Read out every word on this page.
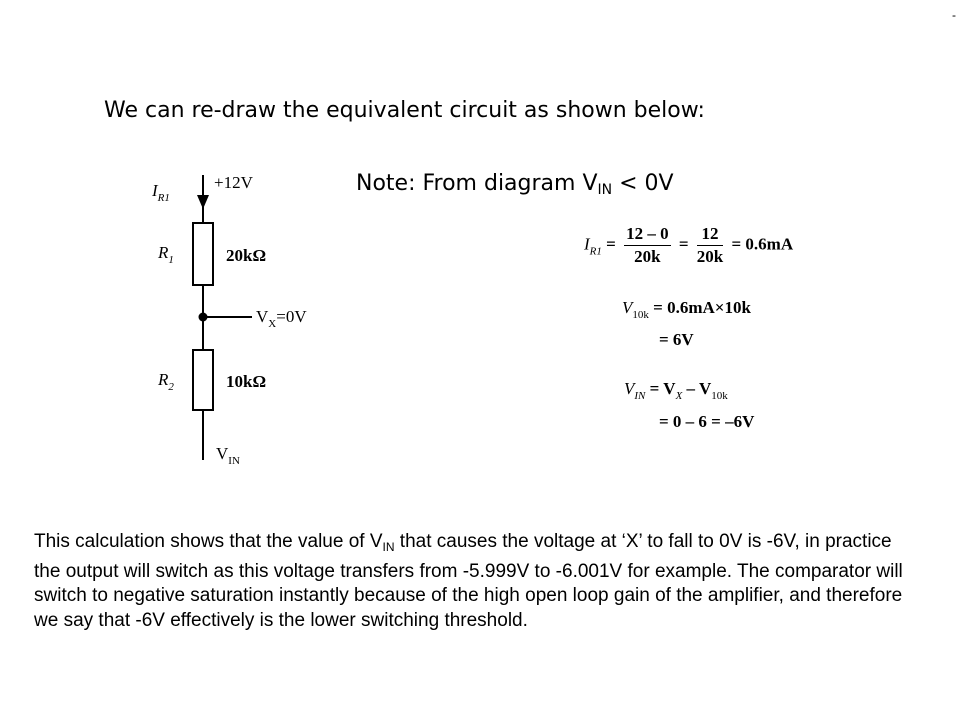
-
We can re-draw the equivalent circuit as shown below:
Note: From diagram $V_{IN} < 0V$
$I_{R1}$
+12V
$R_1$	20kΩ
$V_X=0V$
$R_2$	10kΩ
$V_{IN}$
$I_{R1} = \frac{12 - 0}{20k} = \frac{12}{20k} = 0.6mA$
$V_{10k} = 0.6mA\times 10k$
= 6V
$V_{IN} = V_X - V_{10k}$
= 0 – 6 = –6V
This calculation shows that the value of $V_{IN}$ that causes the voltage at ‘X’ to fall to 0V is -6V, in practice the output will switch as this voltage transfers from -5.999V to -6.001V for example. The comparator will switch to negative saturation instantly because of the high open loop gain of the amplifier, and therefore we say that -6V effectively is the lower switching threshold.
